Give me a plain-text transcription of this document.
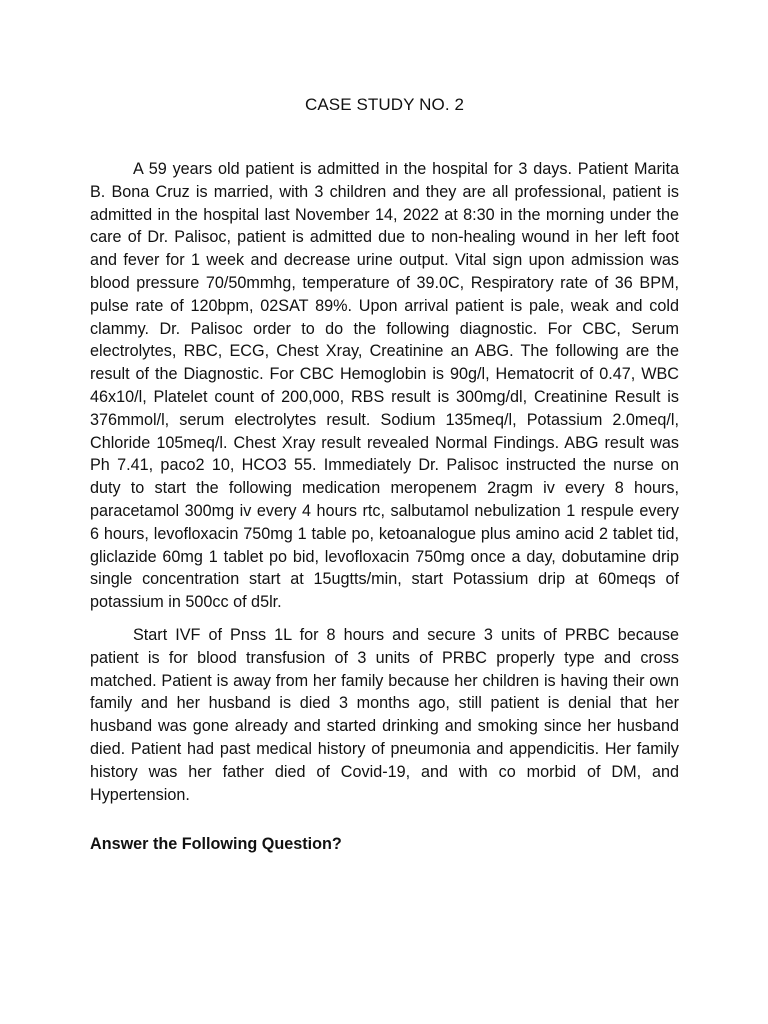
CASE STUDY NO. 2

A 59 years old patient is admitted in the hospital for 3 days. Patient Marita B. Bona Cruz is married, with 3 children and they are all professional, patient is admitted in the hospital last November 14, 2022 at 8:30 in the morning under the care of Dr. Palisoc, patient is admitted due to non-healing wound in her left foot and fever for 1 week and decrease urine output. Vital sign upon admission was blood pressure 70/50mmhg, temperature of 39.0C, Respiratory rate of 36 BPM, pulse rate of 120bpm, 02SAT 89%. Upon arrival patient is pale, weak and cold clammy. Dr. Palisoc order to do the following diagnostic. For CBC, Serum electrolytes, RBC, ECG, Chest Xray, Creatinine an ABG. The following are the result of the Diagnostic. For CBC Hemoglobin is 90g/l, Hematocrit of 0.47, WBC 46x10/l, Platelet count of 200,000, RBS result is 300mg/dl, Creatinine Result is 376mmol/l, serum electrolytes result. Sodium 135meq/l, Potassium 2.0meq/l, Chloride 105meq/l. Chest Xray result revealed Normal Findings. ABG result was Ph 7.41, paco2 10, HCO3 55. Immediately Dr. Palisoc instructed the nurse on duty to start the following medication meropenem 2ragm iv every 8 hours, paracetamol 300mg iv every 4 hours rtc, salbutamol nebulization 1 respule every 6 hours, levofloxacin 750mg 1 table po, ketoanalogue plus amino acid 2 tablet tid, gliclazide 60mg 1 tablet po bid, levofloxacin 750mg once a day, dobutamine drip single concentration start at 15ugtts/min, start Potassium drip at 60meqs of potassium in 500cc of d5lr.

Start IVF of Pnss 1L for 8 hours and secure 3 units of PRBC because patient is for blood transfusion of 3 units of PRBC properly type and cross matched. Patient is away from her family because her children is having their own family and her husband is died 3 months ago, still patient is denial that her husband was gone already and started drinking and smoking since her husband died. Patient had past medical history of pneumonia and appendicitis. Her family history was her father died of Covid-19, and with co morbid of DM, and Hypertension.

Answer the Following Question?
